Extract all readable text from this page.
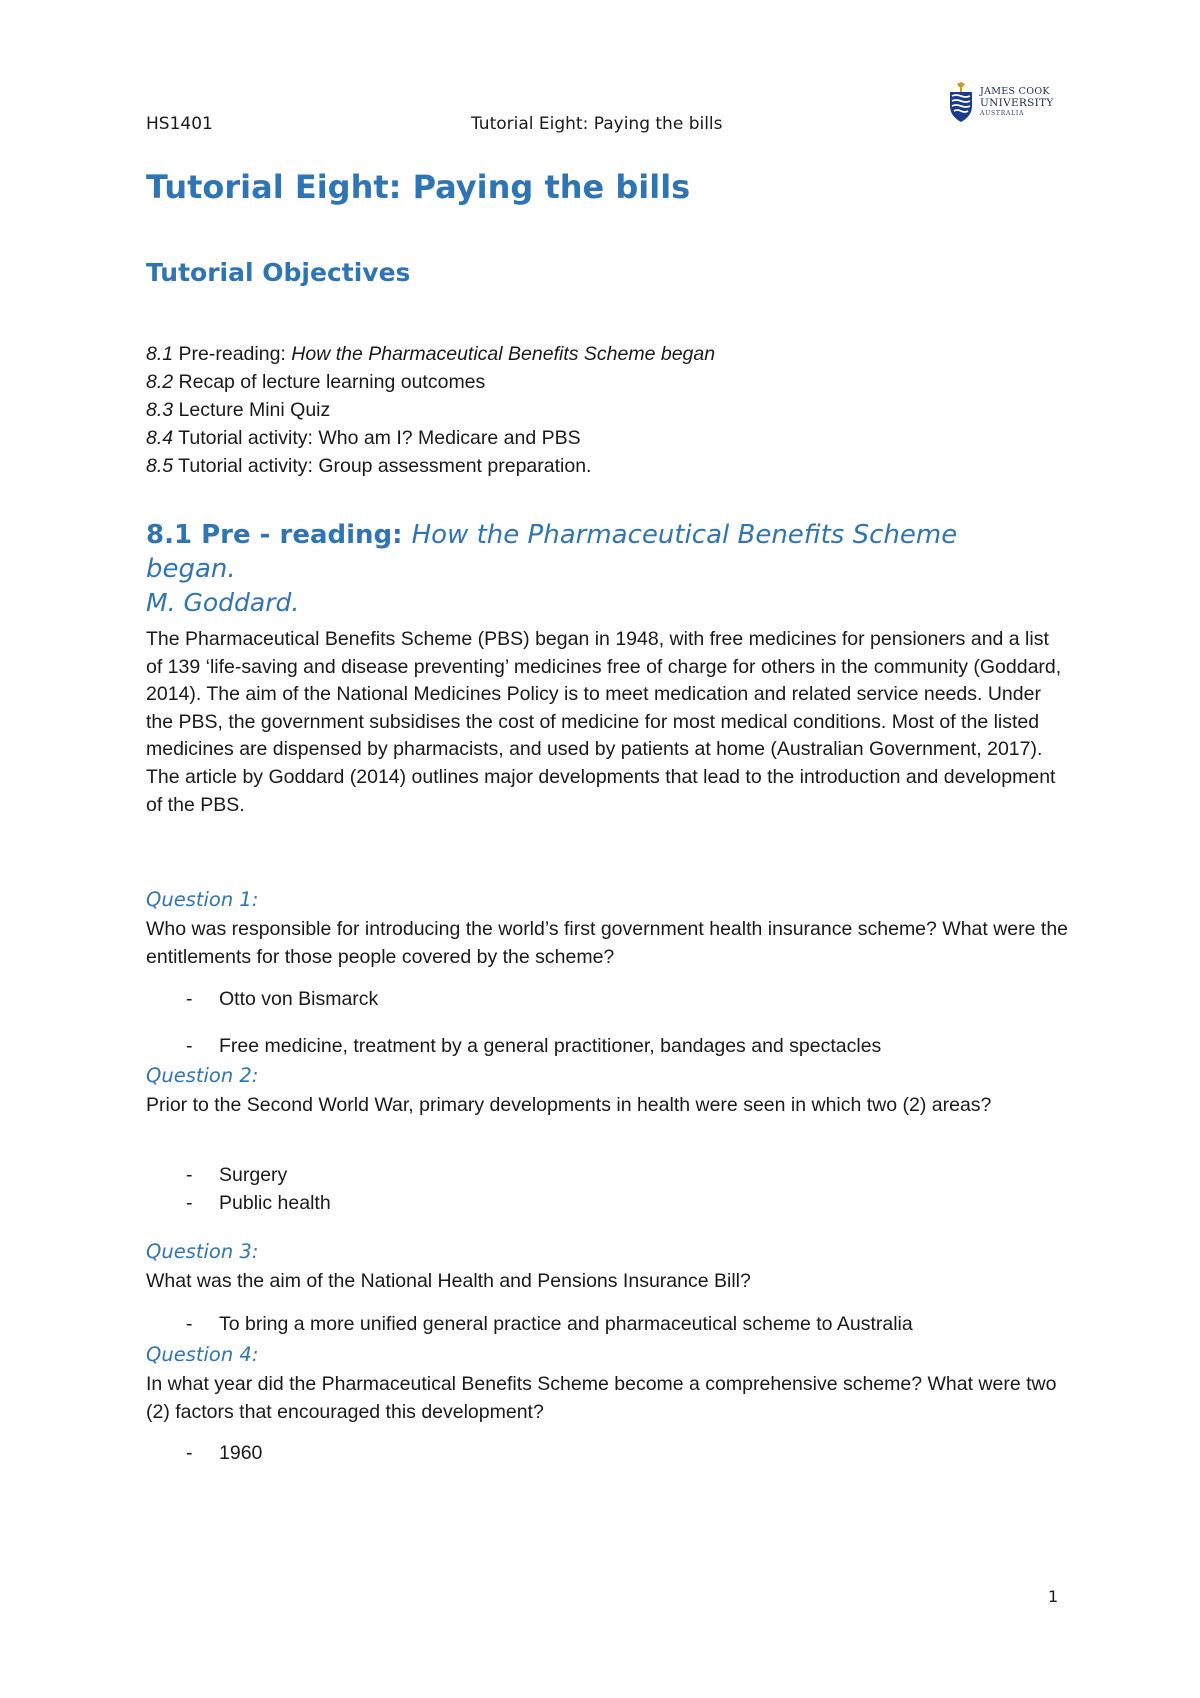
HS1401	Tutorial Eight: Paying the bills
JAMES COOK
UNIVERSITY
AUSTRALIA
Tutorial Eight: Paying the bills
Tutorial Objectives
8.1 Pre-reading: How the Pharmaceutical Benefits Scheme began
8.2 Recap of lecture learning outcomes
8.3 Lecture Mini Quiz
8.4 Tutorial activity: Who am I? Medicare and PBS
8.5 Tutorial activity: Group assessment preparation.
8.1 Pre - reading: How the Pharmaceutical Benefits Scheme began.
M. Goddard.

The Pharmaceutical Benefits Scheme (PBS) began in 1948, with free medicines for pensioners and a list of 139 ‘life-saving and disease preventing’ medicines free of charge for others in the community (Goddard, 2014). The aim of the National Medicines Policy is to meet medication and related service needs. Under the PBS, the government subsidises the cost of medicine for most medical conditions. Most of the listed medicines are dispensed by pharmacists, and used by patients at home (Australian Government, 2017). The article by Goddard (2014) outlines major developments that lead to the introduction and development of the PBS.

Question 1:

Who was responsible for introducing the world’s first government health insurance scheme? What were the entitlements for those people covered by the scheme?

- Otto von Bismarck
- Free medicine, treatment by a general practitioner, bandages and spectacles
Question 2:

Prior to the Second World War, primary developments in health were seen in which two (2) areas?

- Surgery
- Public health
Question 3:

What was the aim of the National Health and Pensions Insurance Bill?

- To bring a more unified general practice and pharmaceutical scheme to Australia
Question 4:

In what year did the Pharmaceutical Benefits Scheme become a comprehensive scheme? What were two (2) factors that encouraged this development?

- 1960
1
